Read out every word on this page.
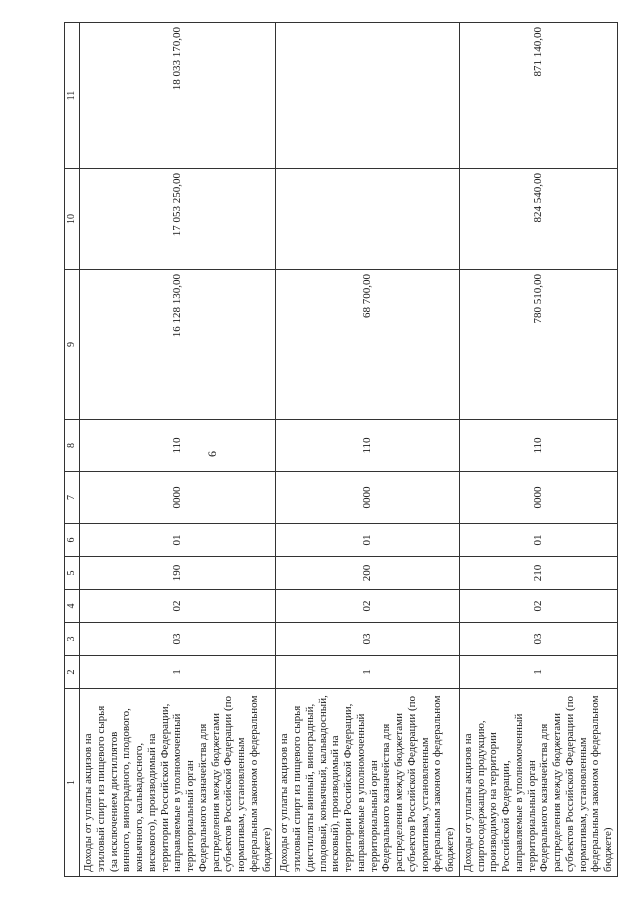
6
1	2	3	4	5	6	7	8	9	10	11
Доходы от уплаты акцизов на этиловый спирт из пищевого сырья (за исключением дистиллятов винного, виноградного, плодового, коньячного, кальвадосного, вискового), производимый на территории Российской Федерации, направляемые в уполномоченный территориальный орган Федерального казначейства для распределения между бюджетами субъектов Российской Федерации (по нормативам, установленным федеральным законом о федеральном бюджете)	1	03	02	190	01	0000	110	16 128 130,00	17 053 250,00	18 033 170,00
Доходы от уплаты акцизов на этиловый спирт из пищевого сырья (дистилляты винный, виноградный, плодовый, коньячный, кальвадосный, висковый), производимый на территории Российской Федерации, направляемые в уполномоченный территориальный орган Федерального казначейства для распределения между бюджетами субъектов Российской Федерации (по нормативам, установленным федеральным законом о федеральном бюджете)	1	03	02	200	01	0000	110	68 700,00		
Доходы от уплаты акцизов на спиртосодержащую продукцию, производимую на территории Российской Федерации, направляемые в уполномоченный территориальный орган Федерального казначейства для распределения между бюджетами субъектов Российской Федерации (по нормативам, установленным федеральным законом о федеральном бюджете)	1	03	02	210	01	0000	110	780 510,00	824 540,00	871 140,00
